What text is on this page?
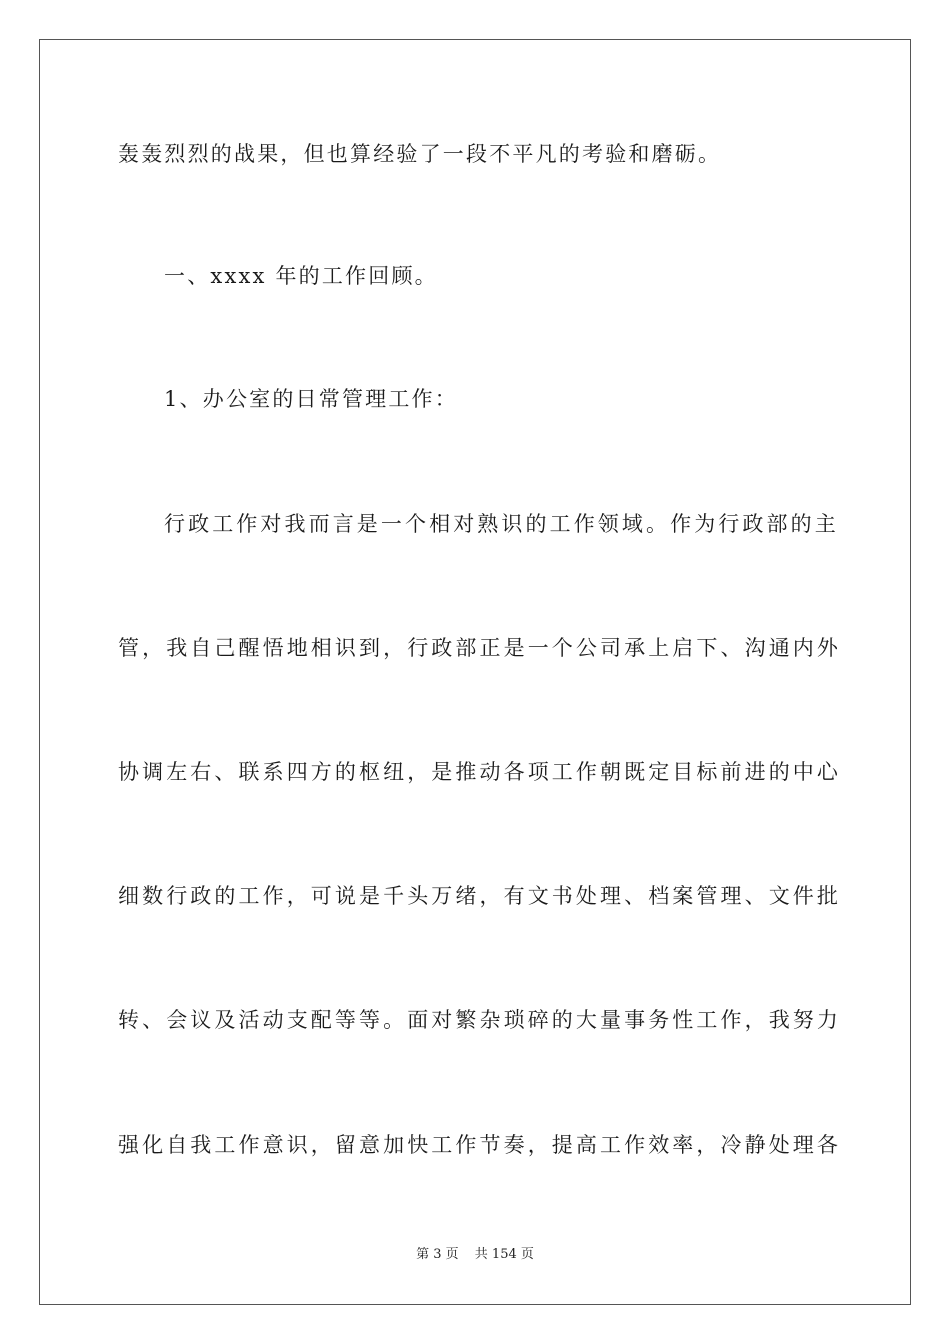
轰轰烈烈的战果，但也算经验了一段不平凡的考验和磨砺。
一、xxxx 年的工作回顾。
1、办公室的日常管理工作：
行政工作对我而言是一个相对熟识的工作领域。作为行政部的主
管，我自己醒悟地相识到，行政部正是一个公司承上启下、沟通内外
协调左右、联系四方的枢纽，是推动各项工作朝既定目标前进的中心
细数行政的工作，可说是千头万绪，有文书处理、档案管理、文件批
转、会议及活动支配等等。面对繁杂琐碎的大量事务性工作，我努力
强化自我工作意识，留意加快工作节奏，提高工作效率，冷静处理各
第 3 页 共 154 页
